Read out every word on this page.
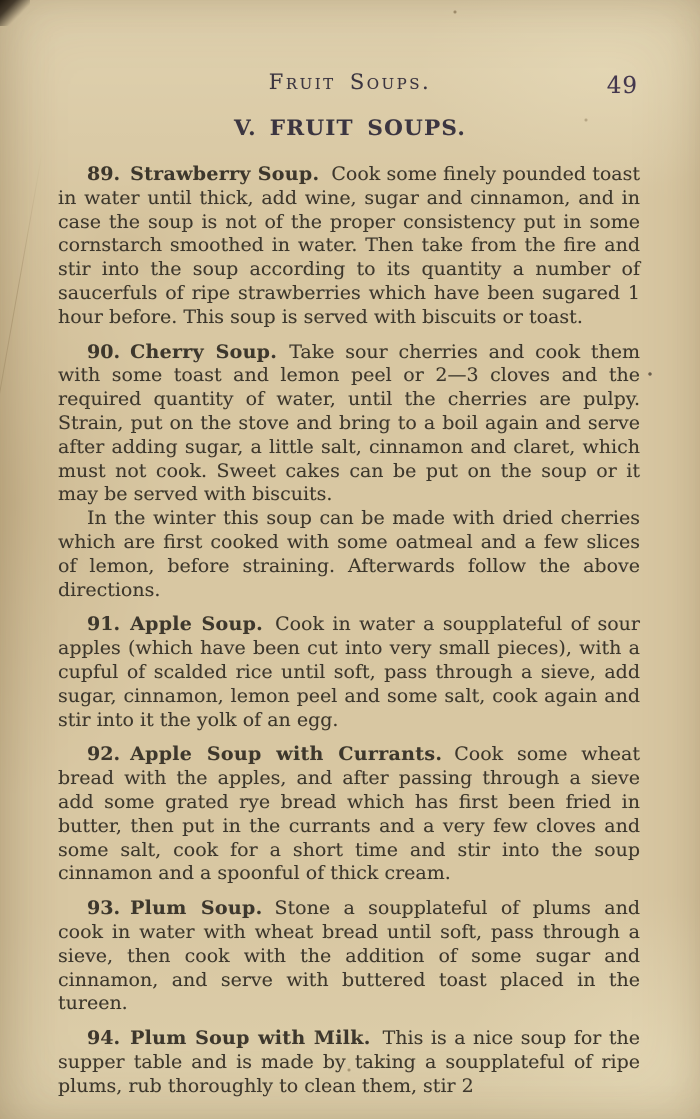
Fruit Soups.	49
V. FRUIT SOUPS.

89. Strawberry Soup. Cook some finely pounded toast in water until thick, add wine, sugar and cinnamon, and in case the soup is not of the proper consistency put in some cornstarch smoothed in water. Then take from the fire and stir into the soup according to its quantity a number of saucerfuls of ripe strawberries which have been sugared 1 hour before. This soup is served with biscuits or toast.

90. Cherry Soup. Take sour cherries and cook them with some toast and lemon peel or 2—3 cloves and the required quantity of water, until the cherries are pulpy. Strain, put on the stove and bring to a boil again and serve after adding sugar, a little salt, cinnamon and claret, which must not cook. Sweet cakes can be put on the soup or it may be served with biscuits.

In the winter this soup can be made with dried cherries which are first cooked with some oatmeal and a few slices of lemon, before straining. Afterwards follow the above directions.

91. Apple Soup. Cook in water a soupplateful of sour apples (which have been cut into very small pieces), with a cupful of scalded rice until soft, pass through a sieve, add sugar, cinnamon, lemon peel and some salt, cook again and stir into it the yolk of an egg.

92. Apple Soup with Currants. Cook some wheat bread with the apples, and after passing through a sieve add some grated rye bread which has first been fried in butter, then put in the currants and a very few cloves and some salt, cook for a short time and stir into the soup cinnamon and a spoonful of thick cream.

93. Plum Soup. Stone a soupplateful of plums and cook in water with wheat bread until soft, pass through a sieve, then cook with the addition of some sugar and cinnamon, and serve with buttered toast placed in the tureen.

94. Plum Soup with Milk. This is a nice soup for the supper table and is made by taking a soupplateful of ripe plums, rub thoroughly to clean them, stir 2
